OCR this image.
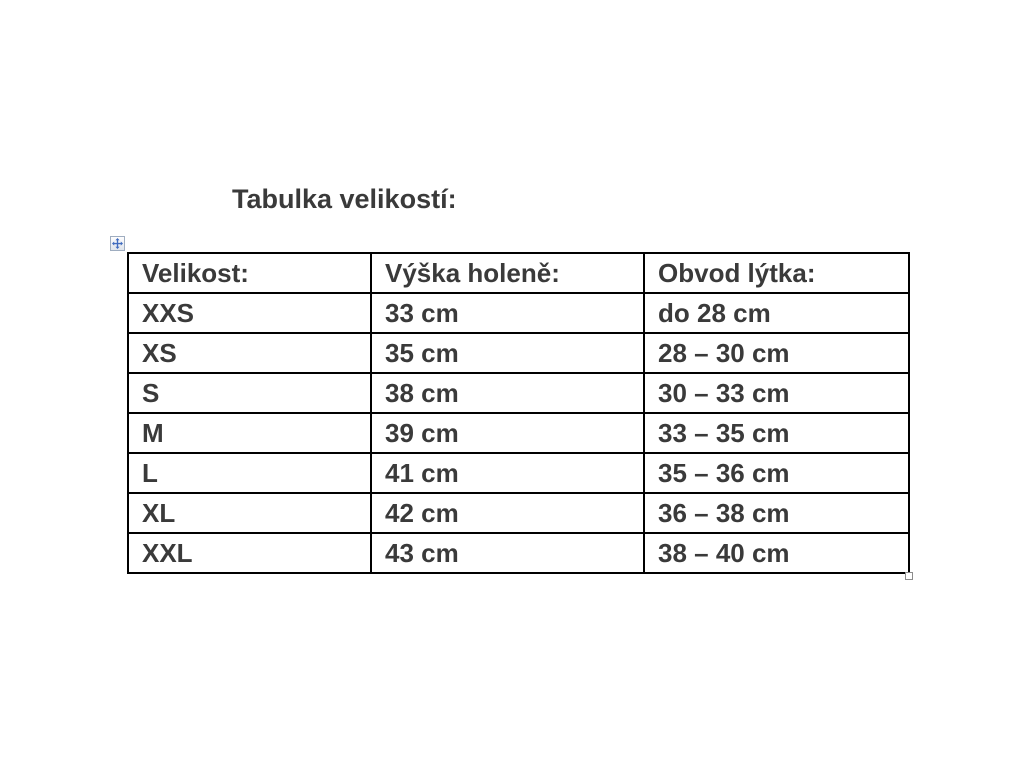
Tabulka velikostí:
Velikost:	Výška holeně:	Obvod lýtka:
XXS	33 cm	do 28 cm
XS	35 cm	28 – 30 cm
S	38 cm	30 – 33 cm
M	39 cm	33 – 35 cm
L	41 cm	35 – 36 cm
XL	42 cm	36 – 38 cm
XXL	43 cm	38 – 40 cm
